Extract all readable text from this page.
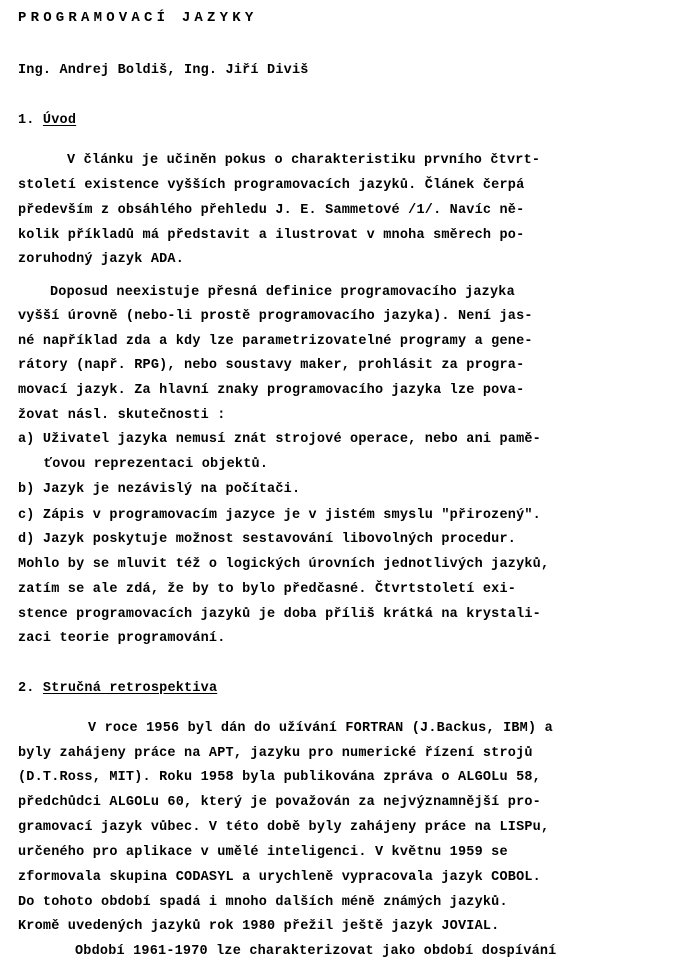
PROGRAMOVACÍ JAZYKY
Ing. Andrej Boldiš, Ing. Jiří Diviš
1. Úvod
V článku je učiněn pokus o charakteristiku prvního čtvrt-
století existence vyšších programovacích jazyků. Článek čerpá
především z obsáhlého přehledu J. E. Sammetové /1/. Navíc ně-
kolik příkladů má představit a ilustrovat v mnoha směrech po-
zoruhodný jazyk ADA.
Doposud neexistuje přesná definice programovacího jazyka
vyšší úrovně (nebo-li prostě programovacího jazyka). Není jas-
né například zda a kdy lze parametrizovatelné programy a gene-
rátory (např. RPG), nebo soustavy maker, prohlásit za progra-
movací jazyk. Za hlavní znaky programovacího jazyka lze pova-
žovat násl. skutečnosti :
a) Uživatel jazyka nemusí znát strojové operace, nebo ani pamě-
ťovou reprezentaci objektů.
b) Jazyk je nezávislý na počítači.
c) Zápis v programovacím jazyce je v jistém smyslu "přirozený".
d) Jazyk poskytuje možnost sestavování libovolných procedur.
Mohlo by se mluvit též o logických úrovních jednotlivých jazyků,
zatím se ale zdá, že by to bylo předčasné. Čtvrtstoletí exi-
stence programovacích jazyků je doba příliš krátká na krystali-
zaci teorie programování.
2. Stručná retrospektiva
V roce 1956 byl dán do užívání FORTRAN (J.Backus, IBM) a
byly zahájeny práce na APT, jazyku pro numerické řízení strojů
(D.T.Ross, MIT). Roku 1958 byla publikována zpráva o ALGOLu 58,
předchůdci ALGOLu 60, který je považován za nejvýznamnější pro-
gramovací jazyk vůbec. V této době byly zahájeny práce na LISPu,
určeného pro aplikace v umělé inteligenci. V květnu 1959 se
zformovala skupina CODASYL a urychleně vypracovala jazyk COBOL.
Do tohoto období spadá i mnoho dalších méně známých jazyků.
Kromě uvedených jazyků rok 1980 přežil ještě jazyk JOVIAL.
Období 1961-1970 lze charakterizovat jako období dospívání
